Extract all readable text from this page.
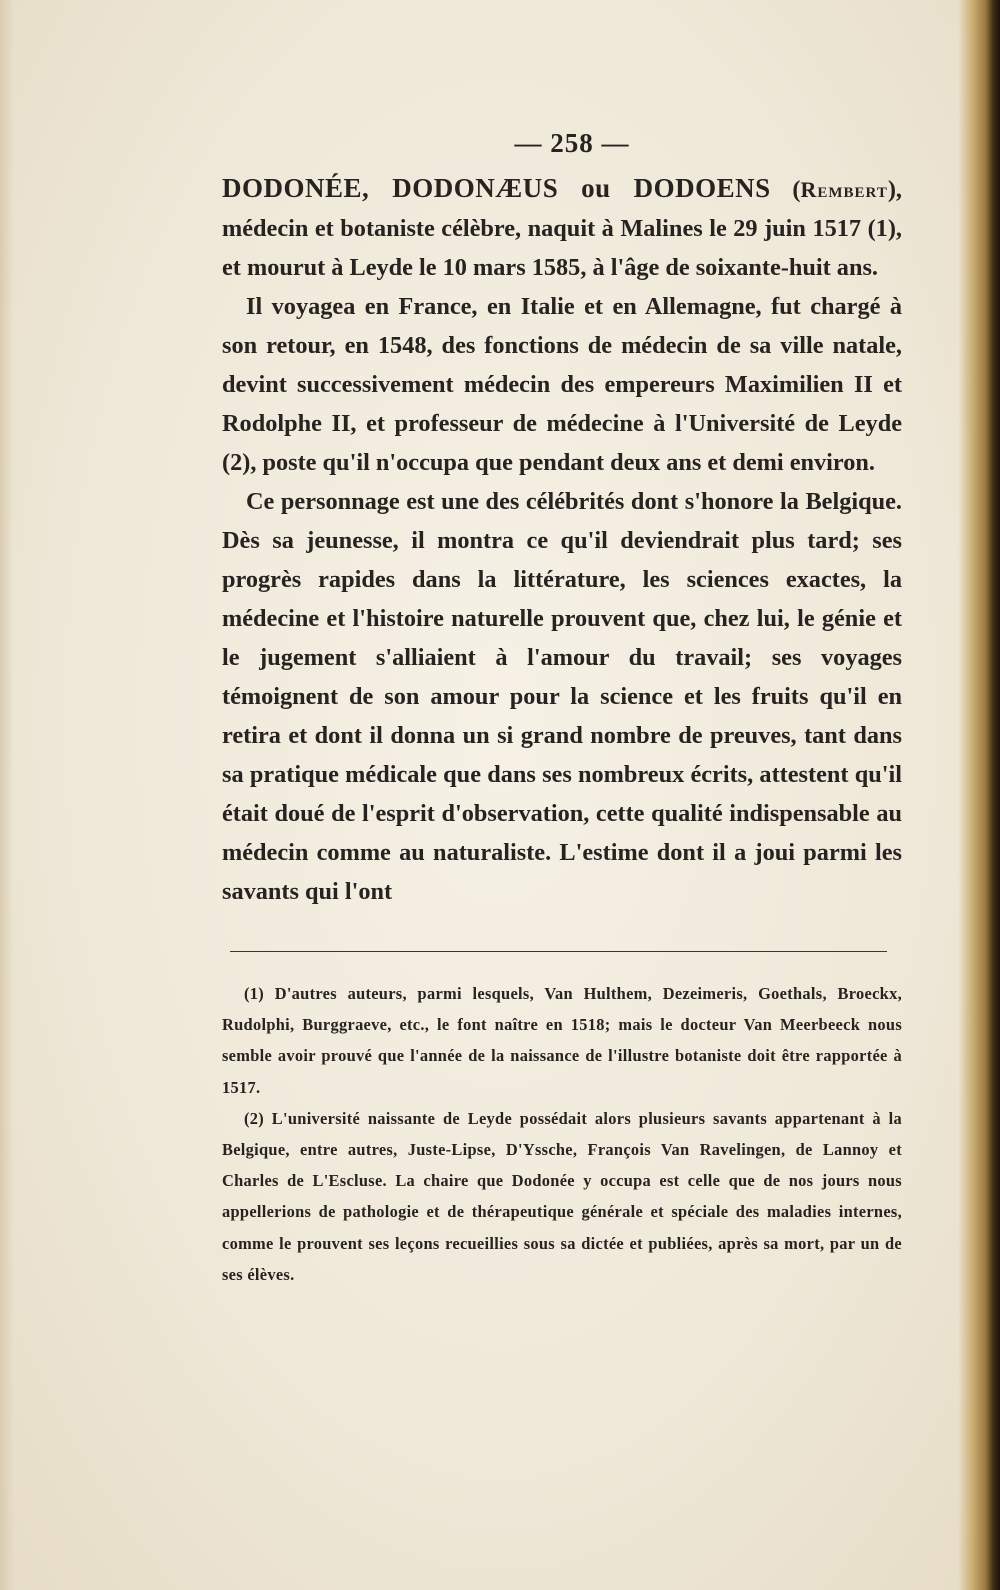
— 258 —

DODONÉE, DODONÆUS ou DODOENS (Rembert), médecin et botaniste célèbre, naquit à Malines le 29 juin 1517 (1), et mourut à Leyde le 10 mars 1585, à l'âge de soixante-huit ans.

Il voyagea en France, en Italie et en Allemagne, fut chargé à son retour, en 1548, des fonctions de médecin de sa ville natale, devint successivement médecin des empereurs Maximilien II et Rodolphe II, et professeur de médecine à l'Université de Leyde (2), poste qu'il n'occupa que pendant deux ans et demi environ.

Ce personnage est une des célébrités dont s'honore la Belgique. Dès sa jeunesse, il montra ce qu'il deviendrait plus tard; ses progrès rapides dans la littérature, les sciences exactes, la médecine et l'histoire naturelle prouvent que, chez lui, le génie et le jugement s'alliaient à l'amour du travail; ses voyages témoignent de son amour pour la science et les fruits qu'il en retira et dont il donna un si grand nombre de preuves, tant dans sa pratique médicale que dans ses nombreux écrits, attestent qu'il était doué de l'esprit d'observation, cette qualité indispensable au médecin comme au naturaliste. L'estime dont il a joui parmi les savants qui l'ont

(1) D'autres auteurs, parmi lesquels, Van Hulthem, Dezeimeris, Goethals, Broeckx, Rudolphi, Burggraeve, etc., le font naître en 1518; mais le docteur Van Meerbeeck nous semble avoir prouvé que l'année de la naissance de l'illustre botaniste doit être rapportée à 1517.

(2) L'université naissante de Leyde possédait alors plusieurs savants appartenant à la Belgique, entre autres, Juste-Lipse, D'Yssche, François Van Ravelingen, de Lannoy et Charles de L'Escluse. La chaire que Dodonée y occupa est celle que de nos jours nous appellerions de pathologie et de thérapeutique générale et spéciale des maladies internes, comme le prouvent ses leçons recueillies sous sa dictée et publiées, après sa mort, par un de ses élèves.
